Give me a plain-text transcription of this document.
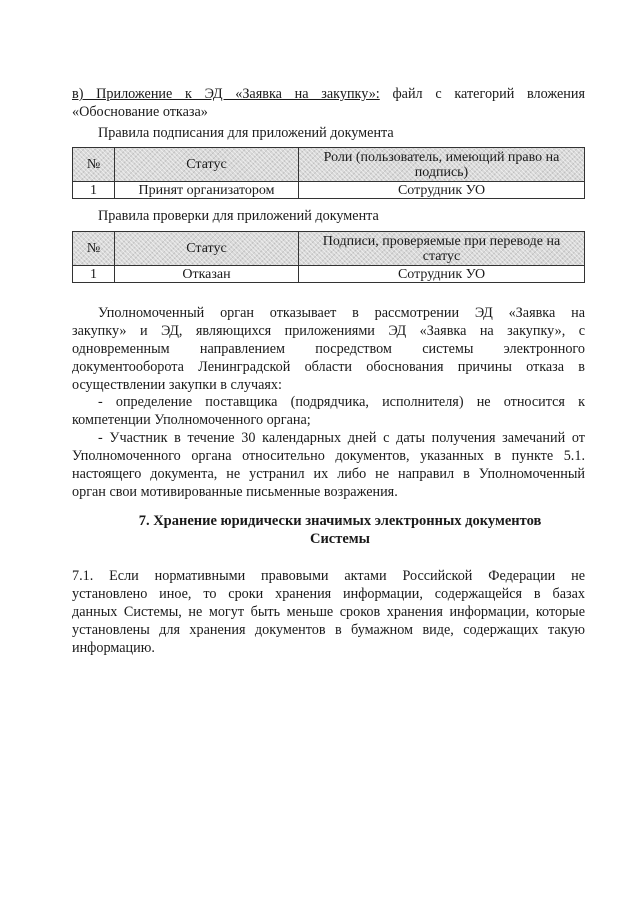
в) Приложение к ЭД «Заявка на закупку»: файл с категорий вложения
«Обоснование отказа»
Правила подписания для приложений документа
№	Статус	Роли (пользователь, имеющий право на подпись)
1	Принят организатором	Сотрудник УО
Правила проверки для приложений документа
№	Статус	Подписи, проверяемые при переводе на статус
1	Отказан	Сотрудник УО
Уполномоченный орган отказывает в рассмотрении ЭД «Заявка на
закупку» и ЭД, являющихся приложениями ЭД «Заявка на закупку», с
одновременным направлением посредством системы электронного
документооборота Ленинградской области обоснования причины отказа в
осуществлении закупки в случаях:
- определение поставщика (подрядчика, исполнителя) не относится к
компетенции Уполномоченного органа;
- Участник в течение 30 календарных дней с даты получения замечаний от
Уполномоченного органа относительно документов, указанных в пункте 5.1.
настоящего документа, не устранил их либо не направил в Уполномоченный
орган свои мотивированные письменные возражения.
7. Хранение юридически значимых электронных документов
Системы
7.1. Если нормативными правовыми актами Российской Федерации не
установлено иное, то сроки хранения информации, содержащейся в базах
данных Системы, не могут быть меньше сроков хранения информации, которые
установлены для хранения документов в бумажном виде, содержащих такую
информацию.
